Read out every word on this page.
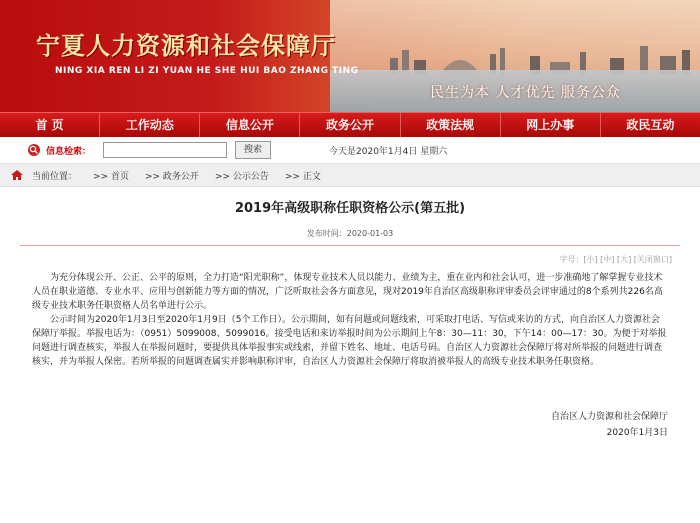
宁夏人力资源和社会保障厅
NING XIA REN LI ZI YUAN HE SHE HUI BAO ZHANG TING
民生为本 人才优先 服务公众
首 页	工作动态	信息公开	政务公开	政策法规	网上办事	政民互动
信息检索：	搜索	今天是2020年1月4日 星期六
当前位置： >> 首页 >> 政务公开 >> 公示公告 >> 正文
2019年高级职称任职资格公示(第五批)
发布时间：2020-01-03
字号：[小] [中] [大] [关闭窗口]

为充分体现公开、公正、公平的原则，全力打造“阳光职称”，体现专业技术人员以能力、业绩为主，重在业内和社会认可，进一步准确地了解掌握专业技术人员在职业道德、专业水平、应用与创新能力等方面的情况，广泛听取社会各方面意见，现对2019年自治区高级职称评审委员会评审通过的8个系列共226名高级专业技术职务任职资格人员名单进行公示。

公示时间为2020年1月3日至2020年1月9日（5个工作日）。公示期间，如有问题或问题线索，可采取打电话、写信或来访的方式，向自治区人力资源社会保障厅举报。举报电话为：（0951）5099008、5099016。接受电话和来访举报时间为公示期间上午8：30—11：30，下午14：00—17：30。为便于对举报问题进行调查核实，举报人在举报问题时，要提供具体举报事实或线索，并留下姓名、地址、电话号码。自治区人力资源社会保障厅将对所举报的问题进行调查核实，并为举报人保密。若所举报的问题调查属实并影响职称评审，自治区人力资源社会保障厅将取消被举报人的高级专业技术职务任职资格。

自治区人力资源和社会保障厅
2020年1月3日
